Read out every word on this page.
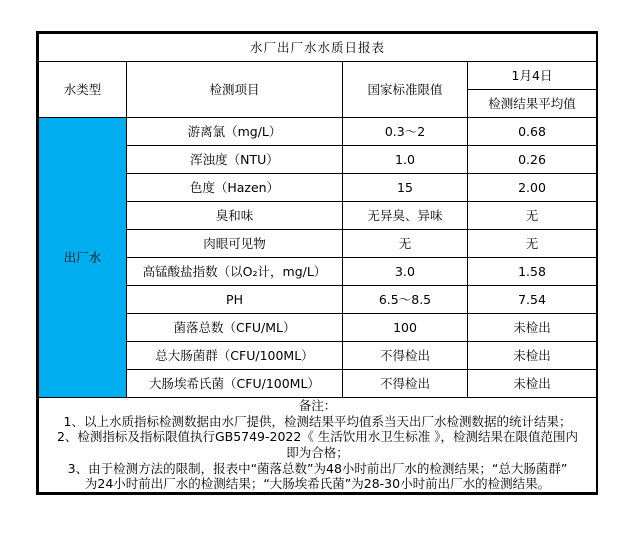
水厂出厂水水质日报表			
水类型	检测项目	国家标准限值	1月4日
			检测结果平均值
出厂水	游离氯（mg/L）	0.3～2	0.68
	浑浊度（NTU）	1.0	0.26
	色度（Hazen）	15	2.00
	臭和味	无异臭、异味	无
	肉眼可见物	无	无
	高锰酸盐指数（以O₂计，mg/L）	3.0	1.58
	PH	6.5～8.5	7.54
	菌落总数（CFU/ML）	100	未检出
	总大肠菌群（CFU/100ML）	不得检出	未检出
	大肠埃希氏菌（CFU/100ML）	不得检出	未检出

备注：
1、以上水质指标检测数据由水厂提供，检测结果平均值系当天出厂水检测数据的统计结果；
2、检测指标及指标限值执行GB5749-2022《 生活饮用水卫生标准 》，检测结果在限值范围内
即为合格；
3、由于检测方法的限制，报表中“菌落总数”为48小时前出厂水的检测结果；“总大肠菌群”
为24小时前出厂水的检测结果；“大肠埃希氏菌”为28-30小时前出厂水的检测结果。
